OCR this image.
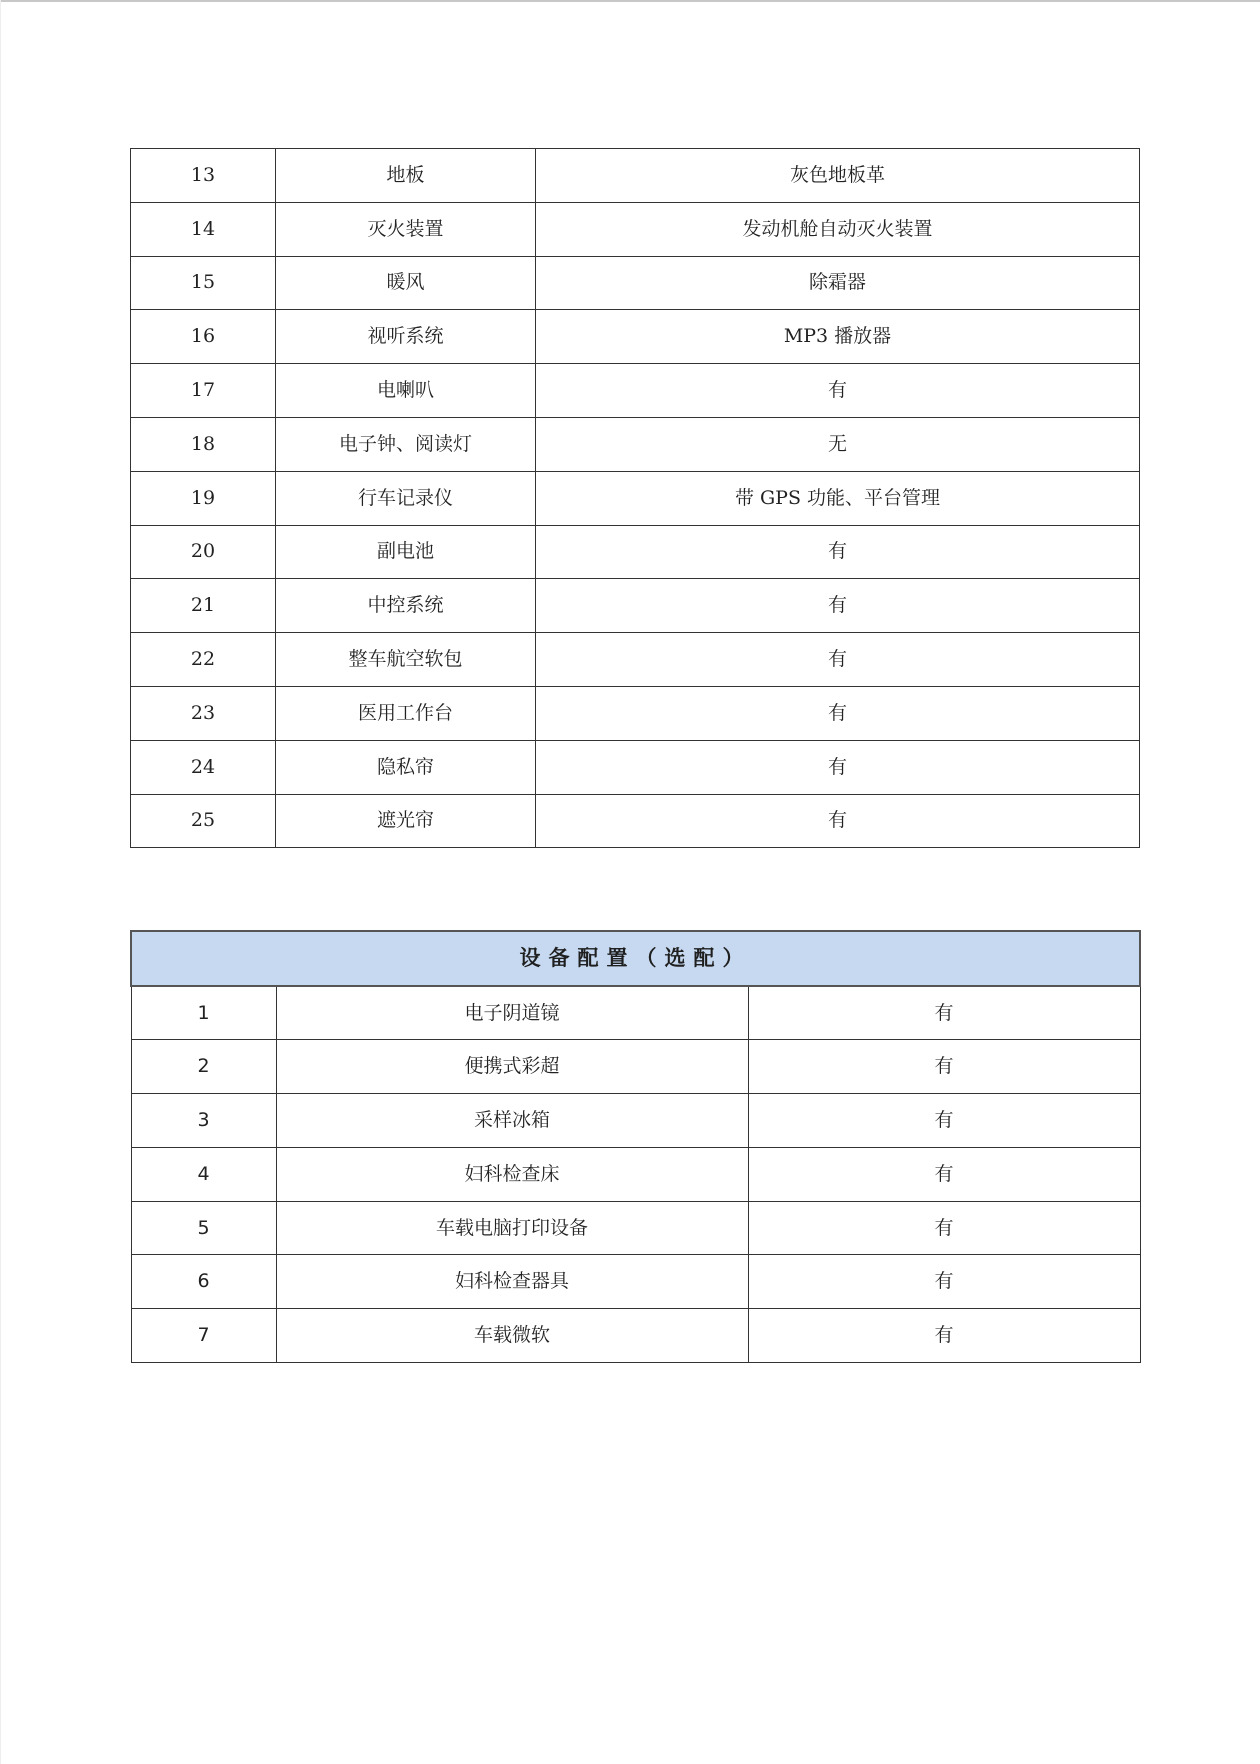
13	地板	灰色地板革
14	灭火装置	发动机舱自动灭火装置
15	暖风	除霜器
16	视听系统	MP3 播放器
17	电喇叭	有
18	电子钟、阅读灯	无
19	行车记录仪	带 GPS 功能、平台管理
20	副电池	有
21	中控系统	有
22	整车航空软包	有
23	医用工作台	有
24	隐私帘	有
25	遮光帘	有
设备配置（选配）		
1	电子阴道镜	有
2	便携式彩超	有
3	采样冰箱	有
4	妇科检查床	有
5	车载电脑打印设备	有
6	妇科检查器具	有
7	车载微软	有
